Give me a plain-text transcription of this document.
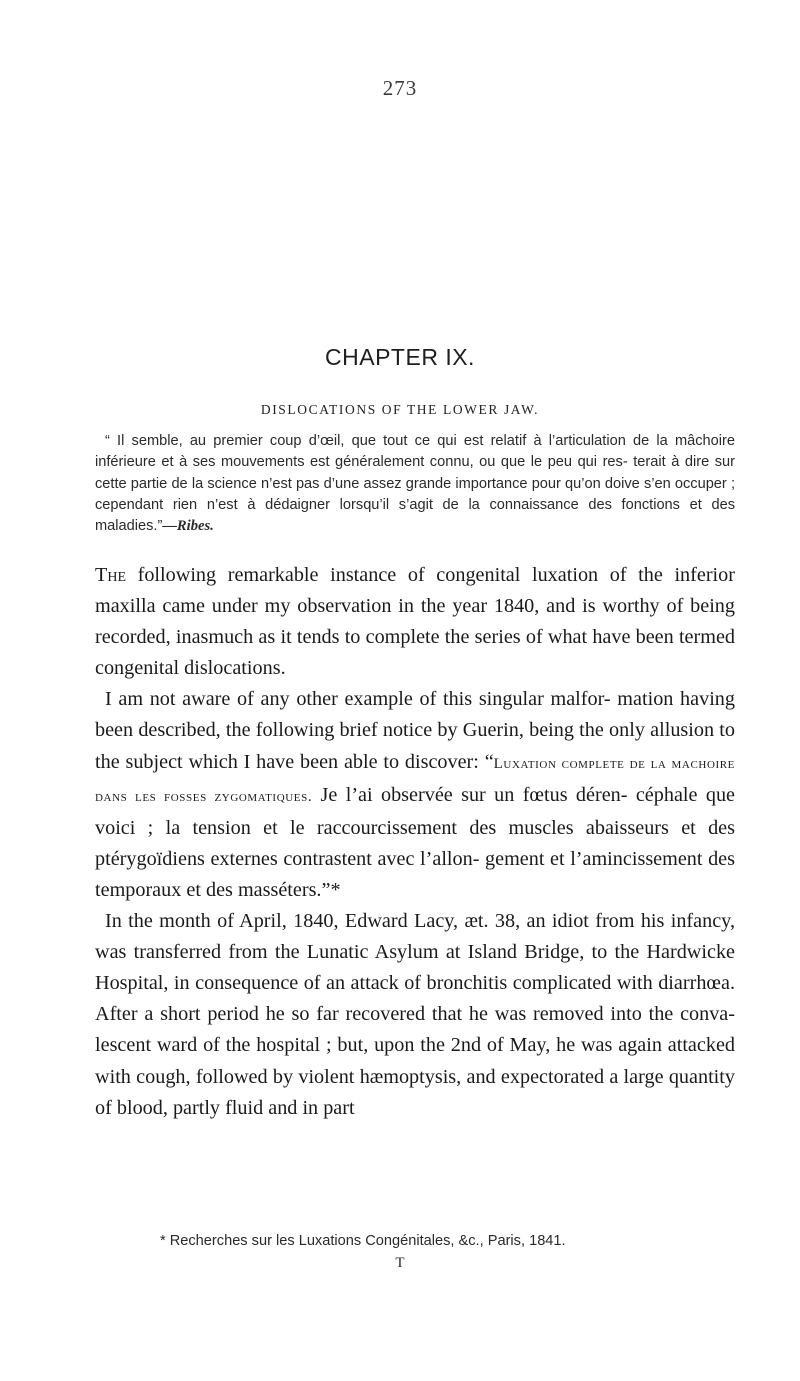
273
CHAPTER IX.
DISLOCATIONS OF THE LOWER JAW.

“ Il semble, au premier coup d’œil, que tout ce qui est relatif à l’articulation de la mâchoire inférieure et à ses mouvements est généralement connu, ou que le peu qui res- terait à dire sur cette partie de la science n’est pas d’une assez grande importance pour qu’on doive s’en occuper ; cependant rien n’est à dédaigner lorsqu’il s’agit de la connaissance des fonctions et des maladies.”—Ribes.

The following remarkable instance of congenital luxation of the inferior maxilla came under my observation in the year 1840, and is worthy of being recorded, inasmuch as it tends to complete the series of what have been termed congenital dislocations.

I am not aware of any other example of this singular malfor- mation having been described, the following brief notice by Guerin, being the only allusion to the subject which I have been able to discover: “Luxation complete de la machoire dans les fosses zygomatiques. Je l’ai observée sur un fœtus déren- céphale que voici ; la tension et le raccourcissement des muscles abaisseurs et des ptérygoïdiens externes contrastent avec l’allon- gement et l’amincissement des temporaux et des masséters.”*

In the month of April, 1840, Edward Lacy, æt. 38, an idiot from his infancy, was transferred from the Lunatic Asylum at Island Bridge, to the Hardwicke Hospital, in consequence of an attack of bronchitis complicated with diarrhœa. After a short period he so far recovered that he was removed into the conva- lescent ward of the hospital ; but, upon the 2nd of May, he was again attacked with cough, followed by violent hæmoptysis, and expectorated a large quantity of blood, partly fluid and in part

* Recherches sur les Luxations Congénitales, &c., Paris, 1841.

T
